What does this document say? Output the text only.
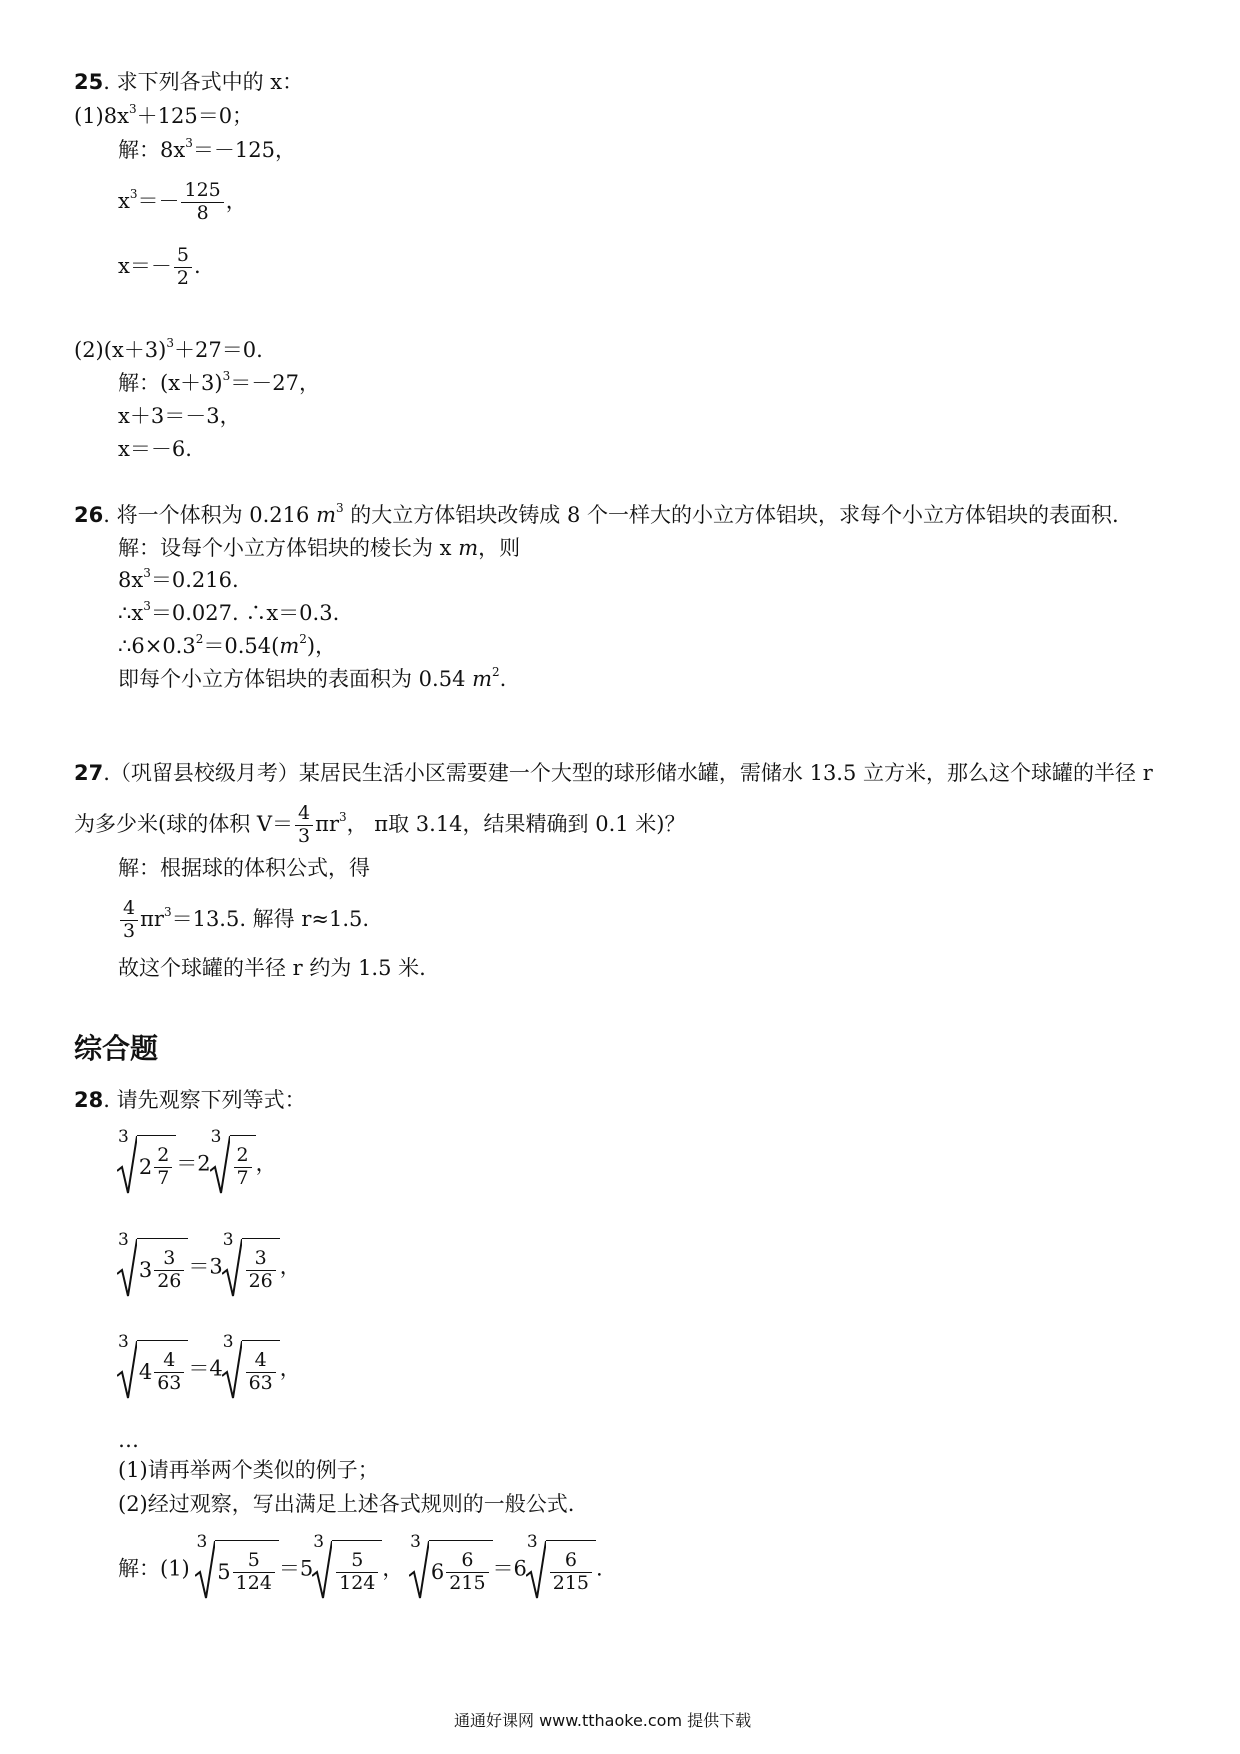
25. 求下列各式中的 x：
$(1)8x^3+125=0$；
解：$8x^3=-125$，
$x^3=- \frac{125}{8}$ ，
$x=- \frac{5}{2}$ .
$(2)(x+3)^3+27=0$.
解：$(x+3)^3=-27$，
x＋3＝－3，
x＝－6.
26. 将一个体积为 0.216 $m^3$ 的大立方体铝块改铸成 8 个一样大的小立方体铝块，求每个小立方体铝块的表面积.
解：设每个小立方体铝块的棱长为 x m，则
$8x^3=0.216$.
$\therefore x^3=0.027$. ∴x＝0.3.
$\therefore 6\times 0.3^2=0.54(m^2)$，
即每个小立方体铝块的表面积为 0.54 $m^2$.
27.（巩留县校级月考）某居民生活小区需要建一个大型的球形储水罐，需储水 13.5 立方米，那么这个球罐的半径 r
为多少米(球的体积 $V= \frac{4}{3} \pi r^3$， π取 3.14，结果精确到 0.1 米)？
解：根据球的体积公式，得
$\frac{4}{3} \pi r^3=13.5$. 解得 r≈1.5.
故这个球罐的半径 r 约为 1.5 米.
综合题
28. 请先观察下列等式：
3
$2 \frac{2}{7} =2$
3
$\frac{2}{7}$ ，
3
$3 \frac{3}{26} =3$
3
$\frac{3}{26}$ ，
3
$4 \frac{4}{63} =4$
3
$\frac{4}{63}$ ，
…
(1)请再举两个类似的例子；
(2)经过观察，写出满足上述各式规则的一般公式.
解：(1)
3
$5 \frac{5}{124} =5$
3
$\frac{5}{124}$ ，
3
$6 \frac{6}{215} =6$
3
$\frac{6}{215}$ .
通通好课网 www.tthaoke.com 提供下载
